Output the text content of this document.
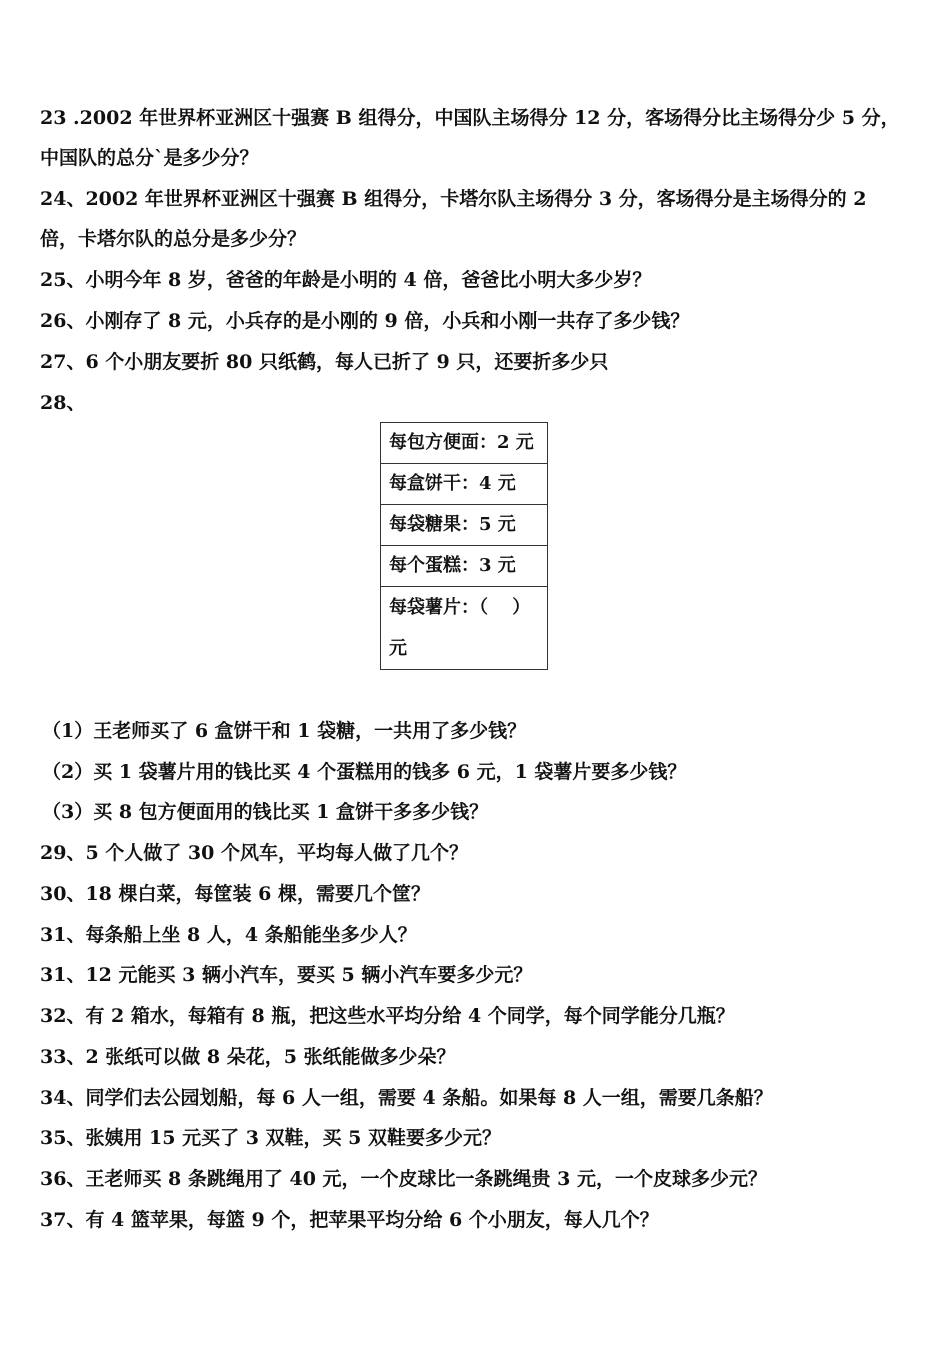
23 .2002 年世界杯亚洲区十强赛 B 组得分，中国队主场得分 12 分，客场得分比主场得分少 5 分，
中国队的总分`是多少分？
24、2002 年世界杯亚洲区十强赛 B 组得分，卡塔尔队主场得分 3 分，客场得分是主场得分的 2
倍，卡塔尔队的总分是多少分？
25、小明今年 8 岁，爸爸的年龄是小明的 4 倍，爸爸比小明大多少岁？
26、小刚存了 8 元，小兵存的是小刚的 9 倍，小兵和小刚一共存了多少钱？
27、6 个小朋友要折 80 只纸鹤，每人已折了 9 只，还要折多少只
28、
每包方便面：2 元
每盒饼干：4 元
每袋糖果：5 元
每个蛋糕：3 元
每袋薯片：（　 ）元
（1）王老师买了 6 盒饼干和 1 袋糖，一共用了多少钱？
（2）买 1 袋薯片用的钱比买 4 个蛋糕用的钱多 6 元，1 袋薯片要多少钱？
（3）买 8 包方便面用的钱比买 1 盒饼干多多少钱？
29、5 个人做了 30 个风车，平均每人做了几个？
30、18 棵白菜，每筐装 6 棵，需要几个筐？
31、每条船上坐 8 人，4 条船能坐多少人？
31、12 元能买 3 辆小汽车，要买 5 辆小汽车要多少元？
32、有 2 箱水，每箱有 8 瓶，把这些水平均分给 4 个同学，每个同学能分几瓶？
33、2 张纸可以做 8 朵花，5 张纸能做多少朵？
34、同学们去公园划船，每 6 人一组，需要 4 条船。如果每 8 人一组，需要几条船？
35、张姨用 15 元买了 3 双鞋，买 5 双鞋要多少元？
36、王老师买 8 条跳绳用了 40 元，一个皮球比一条跳绳贵 3 元，一个皮球多少元？
37、有 4 篮苹果，每篮 9 个，把苹果平均分给 6 个小朋友，每人几个？
